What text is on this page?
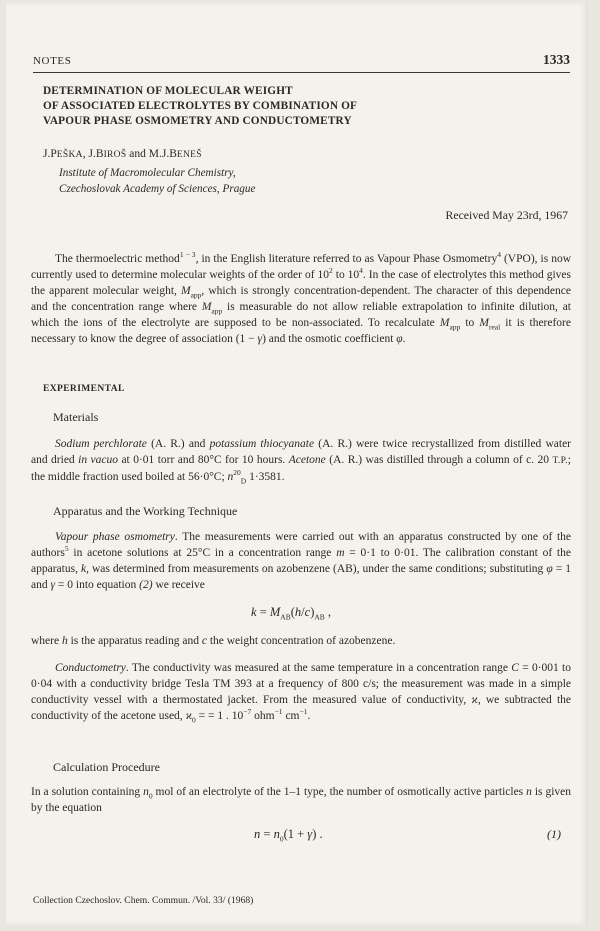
NOTES	1333
DETERMINATION OF MOLECULAR WEIGHT
OF ASSOCIATED ELECTROLYTES BY COMBINATION OF
VAPOUR PHASE OSMOMETRY AND CONDUCTOMETRY
J.PEŠKA, J.BIROŠ and M.J.BENEŠ
Institute of Macromolecular Chemistry,
Czechoslovak Academy of Sciences, Prague
Received May 23rd, 1967

The thermoelectric method$^{1 - 3}$, in the English literature referred to as Vapour Phase Osmometry$^4$ (VPO), is now currently used to determine molecular weights of the order of $10^2$ to $10^4$. In the case of electrolytes this method gives the apparent molecular weight, $M_{app}$, which is strongly concentration-dependent. The character of this dependence and the concentration range where $M_{app}$ is measurable do not allow reliable extrapolation to infinite dilution, at which the ions of the electrolyte are supposed to be non-associated. To recalculate $M_{app}$ to $M_{real}$ it is therefore necessary to know the degree of association (1 − γ) and the osmotic coefficient φ.

EXPERIMENTAL
Materials

Sodium perchlorate (A. R.) and potassium thiocyanate (A. R.) were twice recrystallized from distilled water and dried in vacuo at 0·01 torr and 80°C for 10 hours. Acetone (A. R.) was distilled through a column of c. 20 T.P.; the middle fraction used boiled at 56·0°C; $n^{20}_D$ 1·3581.

Apparatus and the Working Technique

Vapour phase osmometry. The measurements were carried out with an apparatus constructed by one of the authors$^5$ in acetone solutions at 25°C in a concentration range m = 0·1 to 0·01. The calibration constant of the apparatus, k, was determined from measurements on azobenzene (AB), under the same conditions; substituting φ = 1 and γ = 0 into equation (2) we receive

$k = M_{AB}(h/c)_{AB}$ ,

where h is the apparatus reading and c the weight concentration of azobenzene.

Conductometry. The conductivity was measured at the same temperature in a concentration range C = 0·001 to 0·04 with a conductivity bridge Tesla TM 393 at a frequency of 800 c/s; the measurement was made in a simple conductivity vessel with a thermostated jacket. From the measured value of conductivity, ϰ, we subtracted the conductivity of the acetone used, $ϰ_0$ = = 1 . $10^{-7}$ ohm$^{-1}$ $cm^{-1}$.

Calculation Procedure

In a solution containing $n_0$ mol of an electrolyte of the 1–1 type, the number of osmotically active particles n is given by the equation

$n = n_0(1 + \gamma)$ .	(1)
Collection Czechoslov. Chem. Commun. /Vol. 33/ (1968)
